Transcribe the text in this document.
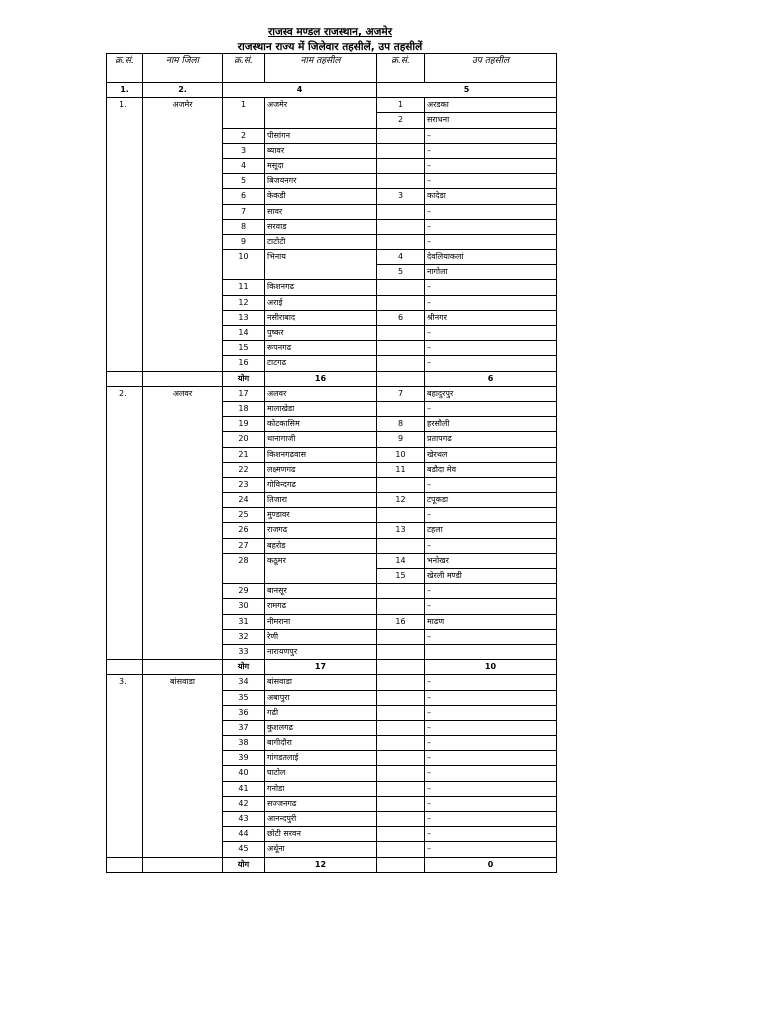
राजस्व मण्डल राजस्थान, अजमेर
राजस्थान राज्य में जिलेवार तहसीलें, उप तहसीलें
क्र.सं.	नाम जिला	क्र.सं.	नाम तहसील	क्र.सं.	उप तहसील
1.	2.	4		5	
1.	अजमेर	1	अजमेर	1	अरडका
				2	सराधना
		2	पीसांगन		–
		3	ब्यावर		–
		4	मसूदा		–
		5	बिजयनगर		–
		6	केकडी	3	कादेडा
		7	सावर		–
		8	सरवाड		–
		9	टाटोटी		–
		10	भिनाय	4	देवलियाकलां
				5	नागोला
		11	किशनगढ		–
		12	अराई		–
		13	नसीराबाद	6	श्रीनगर
		14	पुष्कर		–
		15	रूपनगढ		–
		16	टाटगढ		–
		योग	16		6
2.	अलवर	17	अलवर	7	बहादुरपुर
		18	मालाखेडा		–
		19	कोटकासिम	8	हरसौली
		20	थानागाजी	9	प्रतापगढ
		21	किशनगढवास	10	खेरथल
		22	लक्ष्मणगढ	11	बडौदा मेव
		23	गोविन्दगढ		–
		24	तिजारा	12	टपूकडा
		25	मुण्डावर		–
		26	राजगढ	13	टहला
		27	बहरोड		–
		28	कठूमर	14	भनोखर
				15	खेरली मण्डी
		29	बानसूर		–
		30	रामगढ		–
		31	नीमराना	16	माढण
		32	रेणी		–
		33	नारायणपुर		
		योग	17		10
3.	बांसवाडा	34	बांसवाडा		–
		35	अबापुरा		–
		36	गढी		–
		37	कुशलगढ		–
		38	बागीदौरा		–
		39	गांगडतलाई		–
		40	घाटोल		–
		41	गनोडा		–
		42	सज्जनगढ		–
		43	आनन्दपुरी		–
		44	छोटी सरवन		–
		45	अर्थूना		–
		योग	12		0
